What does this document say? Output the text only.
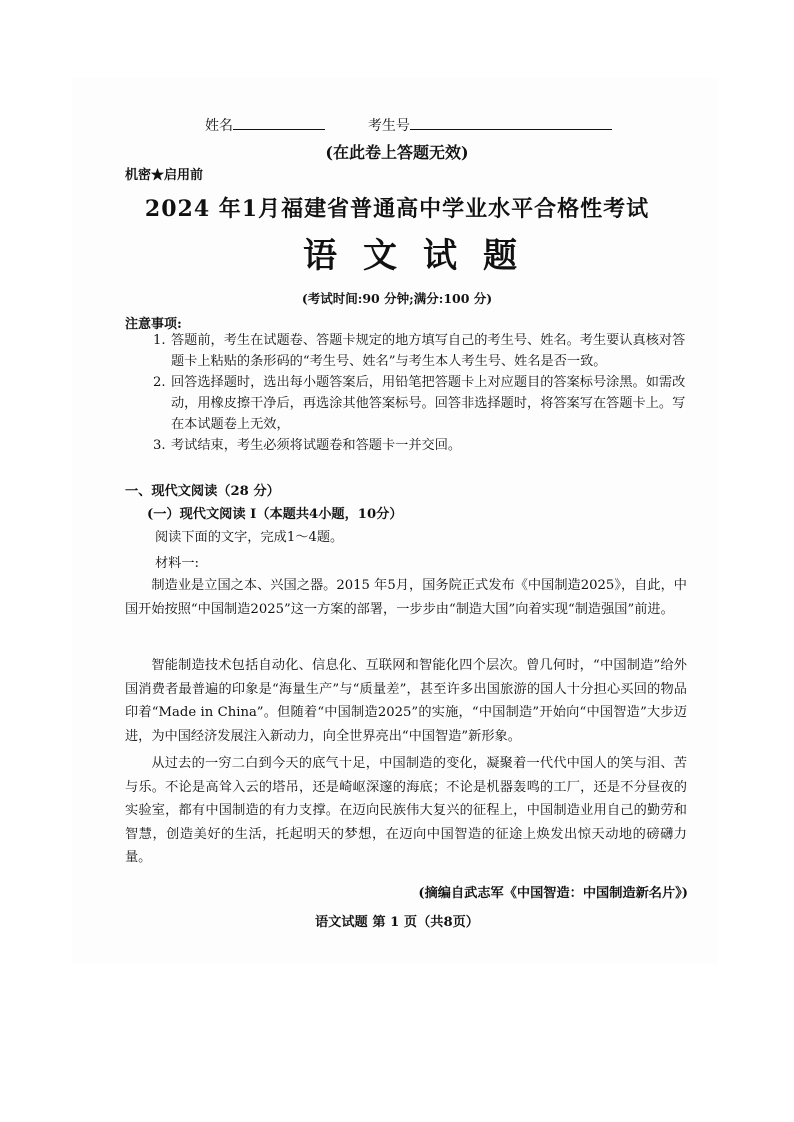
姓名	考生号
(在此卷上答题无效)
机密★启用前
2024 年1月福建省普通高中学业水平合格性考试
语文试题
(考试时间:90 分钟;满分:100 分)
注意事项:
1. 答题前，考生在试题卷、答题卡规定的地方填写自己的考生号、姓名。考生要认真核对答题卡上粘贴的条形码的“考生号、姓名”与考生本人考生号、姓名是否一致。
2. 回答选择题时，选出每小题答案后，用铅笔把答题卡上对应题目的答案标号涂黑。如需改动，用橡皮擦干净后，再选涂其他答案标号。回答非选择题时，将答案写在答题卡上。写在本试题卷上无效，
3. 考试结束，考生必须将试题卷和答题卡一并交回。
一、现代文阅读（28 分）
(一）现代文阅读 I（本题共4小题，10分）
阅读下面的文字，完成1～4题。
材料一:
制造业是立国之本、兴国之器。2015 年5月，国务院正式发布《中国制造2025》，自此，中国开始按照“中国制造2025”这一方案的部署，一步步由“制造大国”向着实现“制造强国”前进。
智能制造技术包括自动化、信息化、互联网和智能化四个层次。曾几何时，“中国制造”给外国消费者最普遍的印象是“海量生产”与“质量差”，甚至许多出国旅游的国人十分担心买回的物品印着“Made in China”。但随着“中国制造2025”的实施，“中国制造”开始向“中国智造”大步迈进，为中国经济发展注入新动力，向全世界亮出“中国智造”新形象。
从过去的一穷二白到今天的底气十足，中国制造的变化，凝聚着一代代中国人的笑与泪、苦与乐。不论是高耸入云的塔吊，还是崎岖深邃的海底；不论是机器轰鸣的工厂，还是不分昼夜的实验室，都有中国制造的有力支撑。在迈向民族伟大复兴的征程上，中国制造业用自己的勤劳和智慧，创造美好的生活，托起明天的梦想，在迈向中国智造的征途上焕发出惊天动地的磅礴力量。
(摘编自武志军《中国智造：中国制造新名片》)
语文试题 第 1 页（共8页）
